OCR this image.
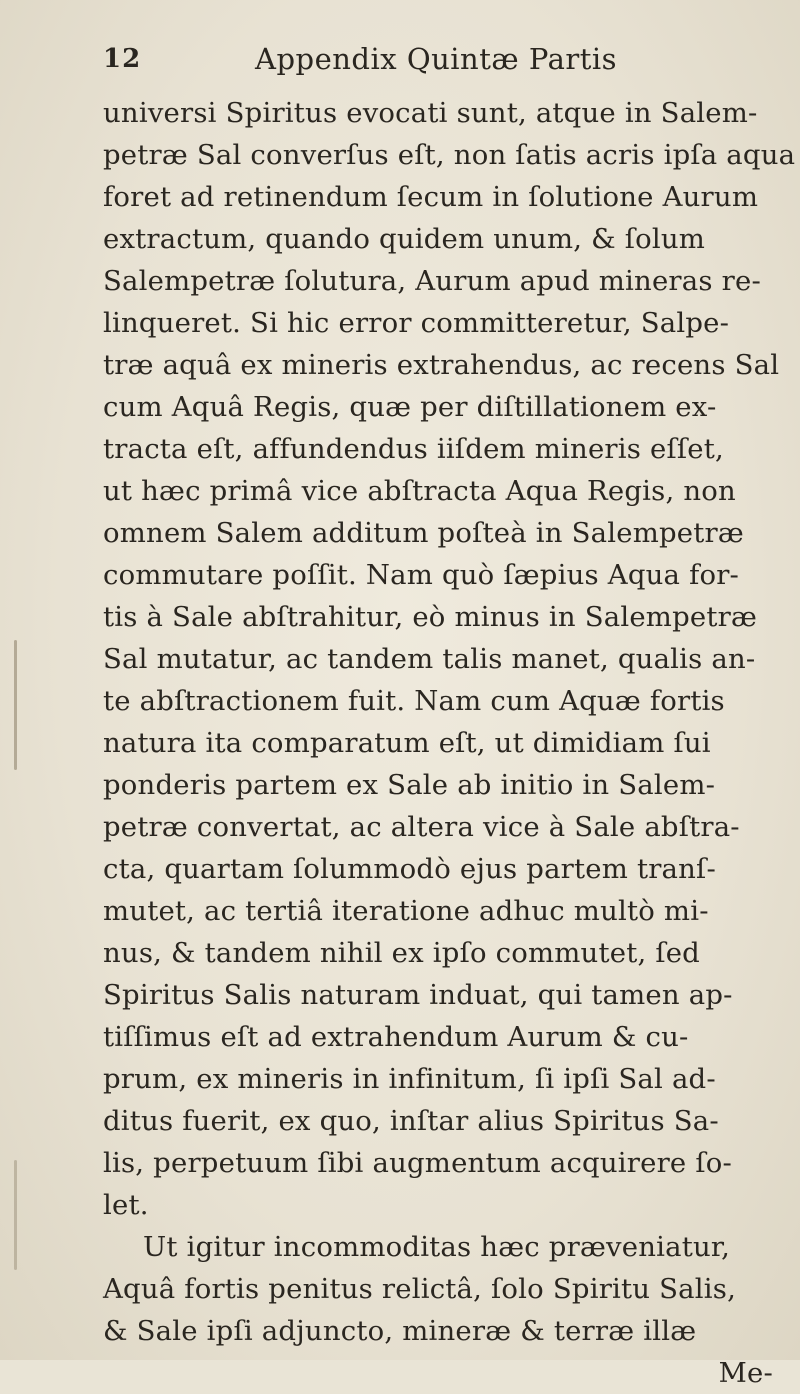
12	Appendix Quintæ Partis
universi Spiritus evocati sunt, atque in Salem-
petræ Sal converſus eſt, non ſatis acris ipſa aqua
foret ad retinendum ſecum in ſolutione Aurum
extractum, quando quidem unum, & ſolum
Salempetræ ſolutura, Aurum apud mineras re-
linqueret. Si hic error committeretur, Salpe-
træ aquâ ex mineris extrahendus, ac recens Sal
cum Aquâ Regis, quæ per diſtillationem ex-
tracta eſt, affundendus iiſdem mineris eſſet,
ut hæc primâ vice abſtracta Aqua Regis, non
omnem Salem additum poſteà in Salempetræ
commutare poſſit. Nam quò ſæpius Aqua for-
tis à Sale abſtrahitur, eò minus in Salempetræ
Sal mutatur, ac tandem talis manet, qualis an-
te abſtractionem fuit. Nam cum Aquæ fortis
natura ita comparatum eſt, ut dimidiam ſui
ponderis partem ex Sale ab initio in Salem-
petræ convertat, ac altera vice à Sale abſtra-
cta, quartam ſolummodò ejus partem tranſ-
mutet, ac tertiâ iteratione adhuc multò mi-
nus, & tandem nihil ex ipſo commutet, ſed
Spiritus Salis naturam induat, qui tamen ap-
tiſſimus eſt ad extrahendum Aurum & cu-
prum, ex mineris in infinitum, ſi ipſi Sal ad-
ditus fuerit, ex quo, inſtar alius Spiritus Sa-
lis, perpetuum ſibi augmentum acquirere ſo-
let.
Ut igitur incommoditas hæc præveniatur,
Aquâ fortis penitus relictâ, ſolo Spiritu Salis,
& Sale ipſi adjuncto, mineræ & terræ illæ
Me-
